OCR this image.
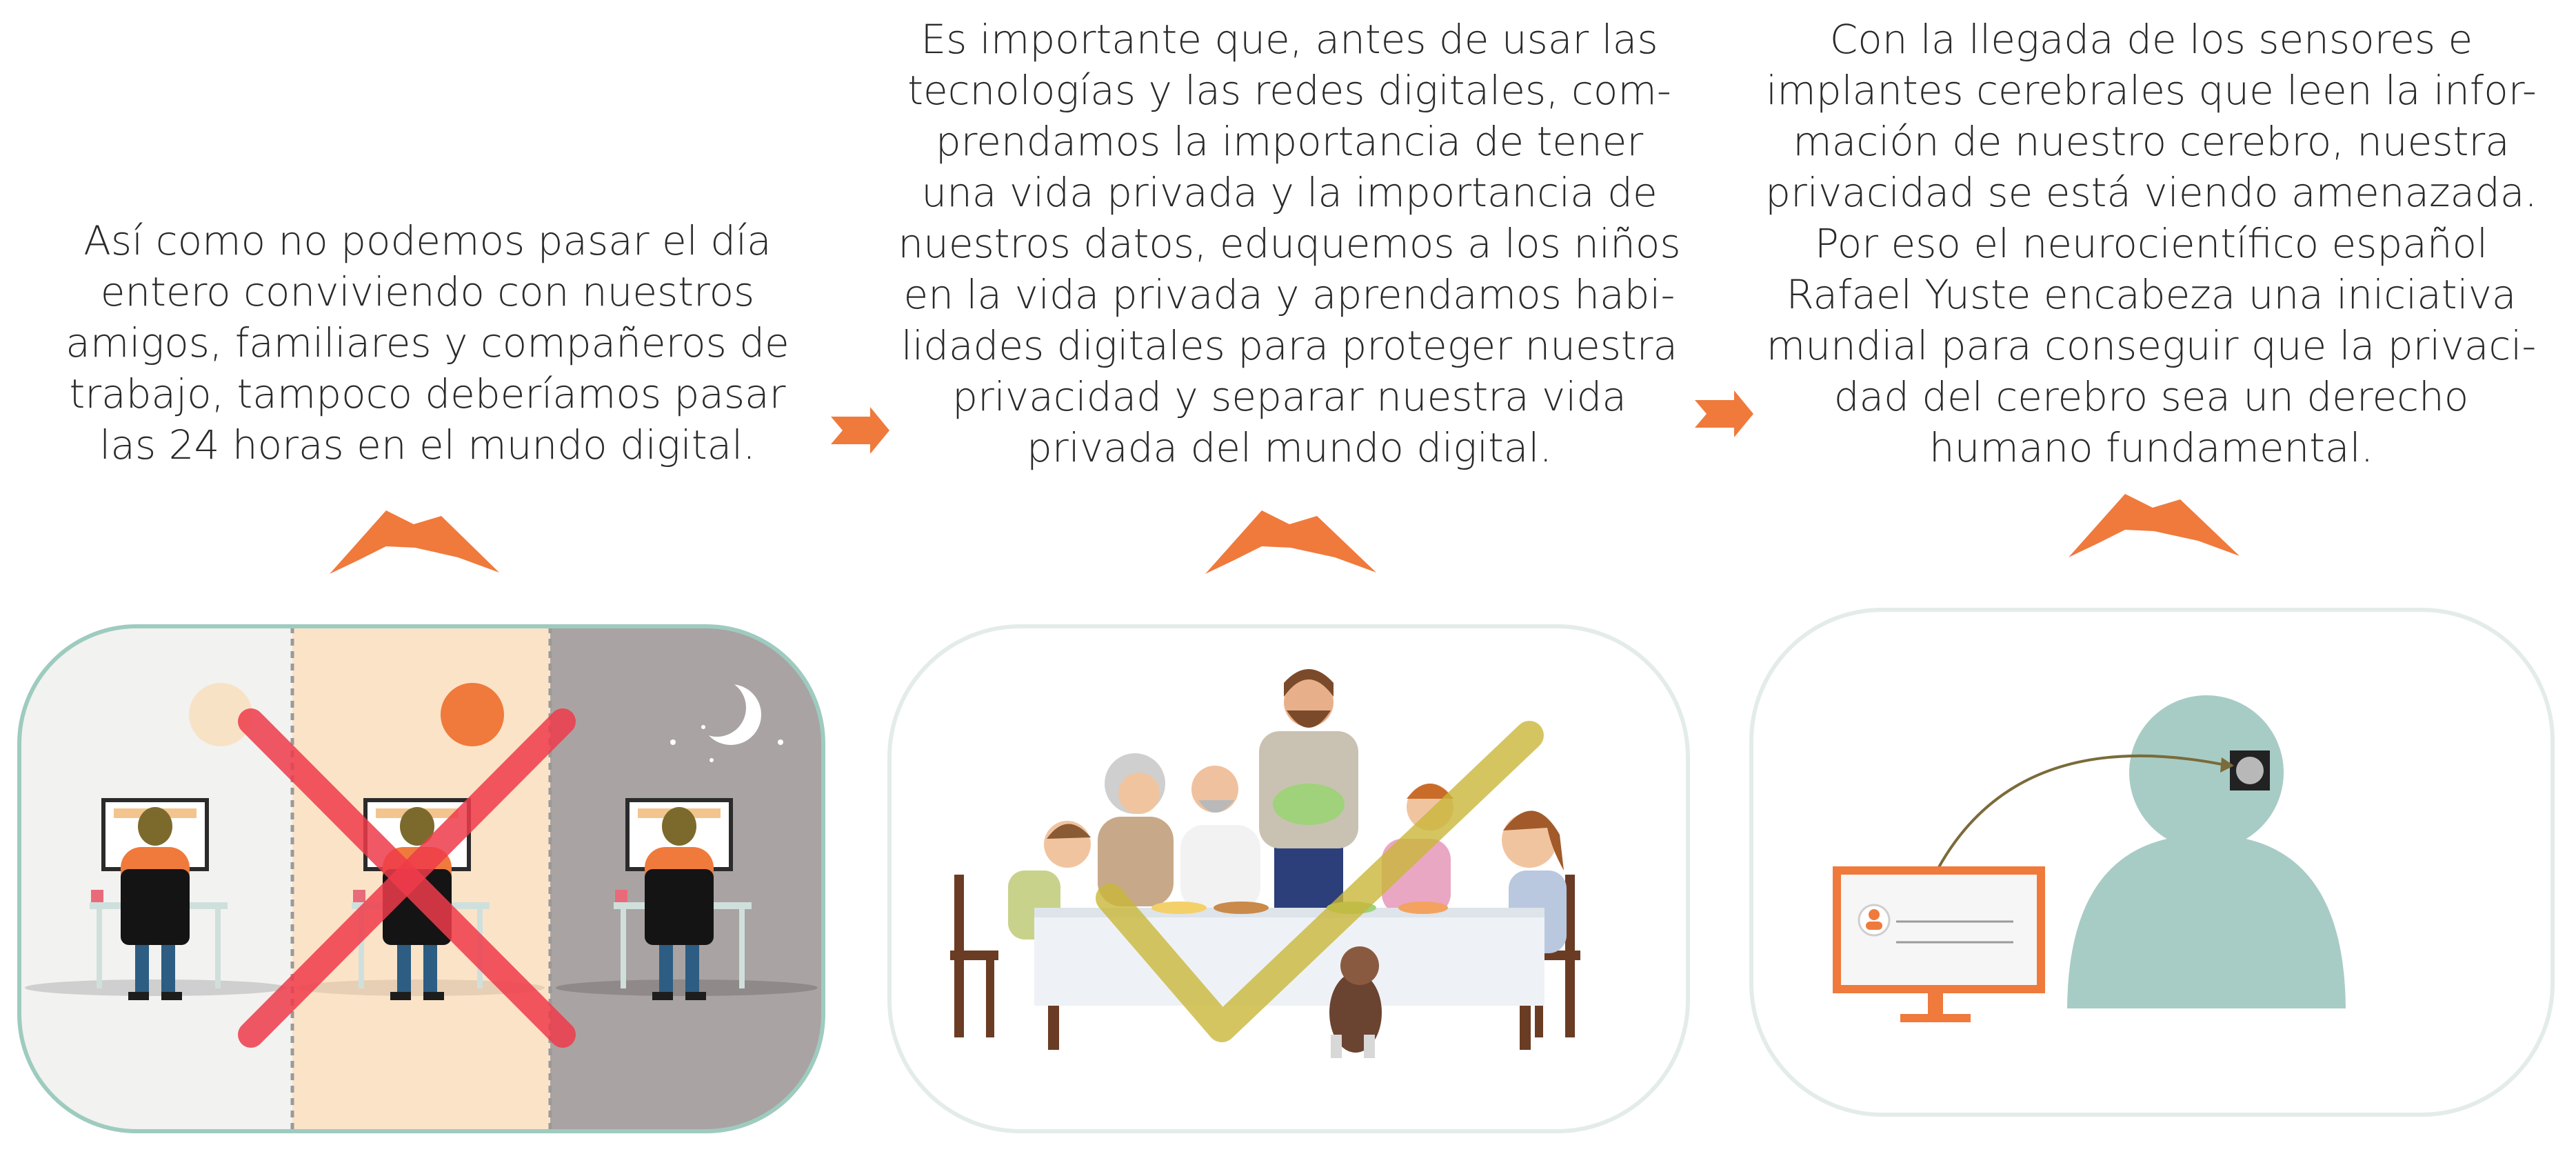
Así como no podemos pasar el día
entero conviviendo con nuestros
amigos, familiares y compañeros de
trabajo, tampoco deberíamos pasar
las 24 horas en el mundo digital.

Es importante que, antes de usar las
tecnologías y las redes digitales, com-
prendamos la importancia de tener
una vida privada y la importancia de
nuestros datos, eduquemos a los niños
en la vida privada y aprendamos habi-
lidades digitales para proteger nuestra
privacidad y separar nuestra vida
privada del mundo digital.

Con la llegada de los sensores e
implantes cerebrales que leen la infor-
mación de nuestro cerebro, nuestra
privacidad se está viendo amenazada.
Por eso el neurocientífico español
Rafael Yuste encabeza una iniciativa
mundial para conseguir que la privaci-
dad del cerebro sea un derecho
humano fundamental.
